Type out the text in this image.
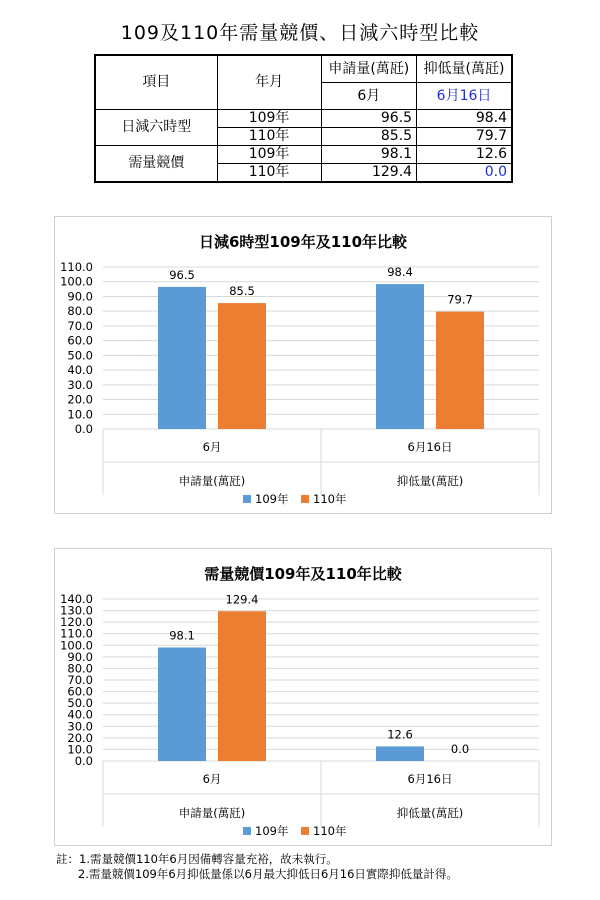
109及110年需量競價、日減六時型比較
項目	年月	申請量(萬瓩)	抑低量(萬瓩)
		6月	6月16日
日減六時型	109年	96.5	98.4
	110年	85.5	79.7
需量競價	109年	98.1	12.6
	110年	129.4	0.0
日減6時型109年及110年比較
0.0
10.0
20.0
30.0
40.0
50.0
60.0
70.0
80.0
90.0
100.0
110.0
96.5
85.5
6月
申請量(萬瓩)
98.4
79.7
6月16日
抑低量(萬瓩)
109年 110年
需量競價109年及110年比較
0.0
10.0
20.0
30.0
40.0
50.0
60.0
70.0
80.0
90.0
100.0
110.0
120.0
130.0
140.0
98.1
129.4
6月
申請量(萬瓩)
12.6
0.0
6月16日
抑低量(萬瓩)
109年 110年
註：1.需量競價110年6月因備轉容量充裕，故未執行。
2.需量競價109年6月抑低量係以6月最大抑低日6月16日實際抑低量計得。
